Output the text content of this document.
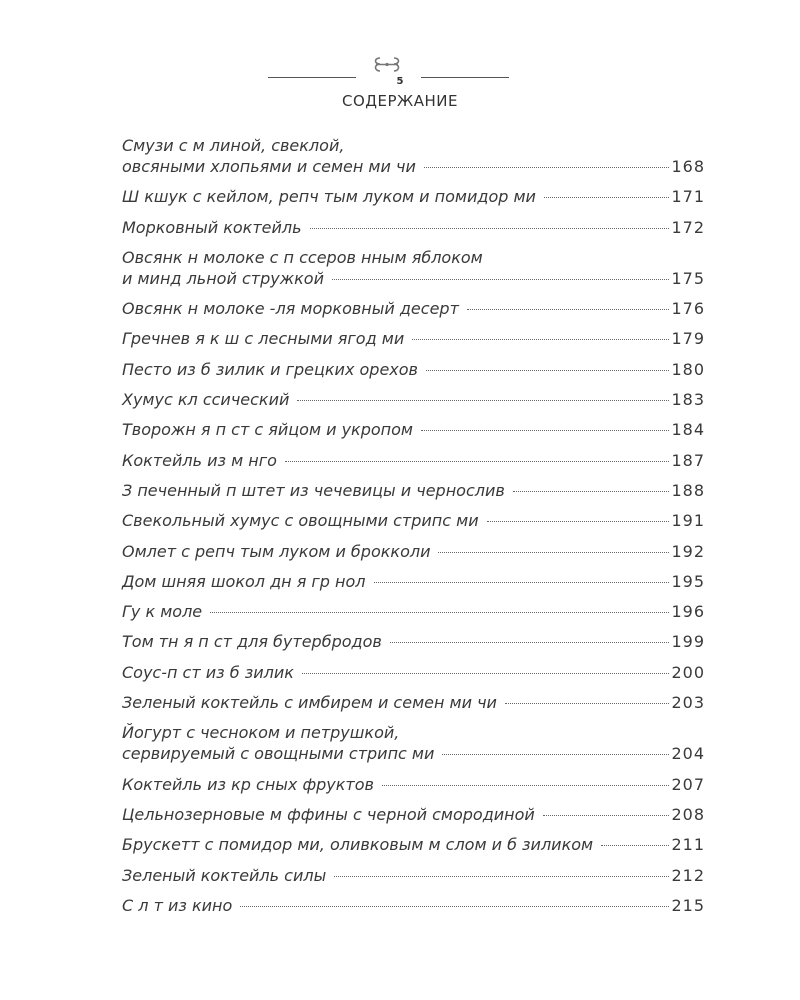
5
СОДЕРЖАНИЕ
Смузи с м линой, свеклой,
овсяными хлопьями и семен ми чи	168
Ш кшук с кейлом, репч тым луком и помидор ми	171
Морковный коктейль	172
Овсянк н молоке с п ссеров нным яблоком
и минд льной стружкой	175
Овсянк н молоке -ля морковный десерт	176
Гречнев я к ш с лесными ягод ми	179
Песто из б зилик и грецких орехов	180
Хумус кл ссический	183
Творожн я п ст с яйцом и укропом	184
Коктейль из м нго	187
З печенный п штет из чечевицы и чернослив	188
Свекольный хумус с овощными стрипс ми	191
Омлет с репч тым луком и брокколи	192
Дом шняя шокол дн я гр нол	195
Гу к моле	196
Том тн я п ст для бутербродов	199
Соус-п ст из б зилик	200
Зеленый коктейль с имбирем и семен ми чи	203
Йогурт с чесноком и петрушкой,
сервируемый с овощными стрипс ми	204
Коктейль из кр сных фруктов	207
Цельнозерновые м ффины с черной смородиной	208
Брускетт с помидор ми, оливковым м слом и б зиликом	211
Зеленый коктейль силы	212
С л т из кино	215
